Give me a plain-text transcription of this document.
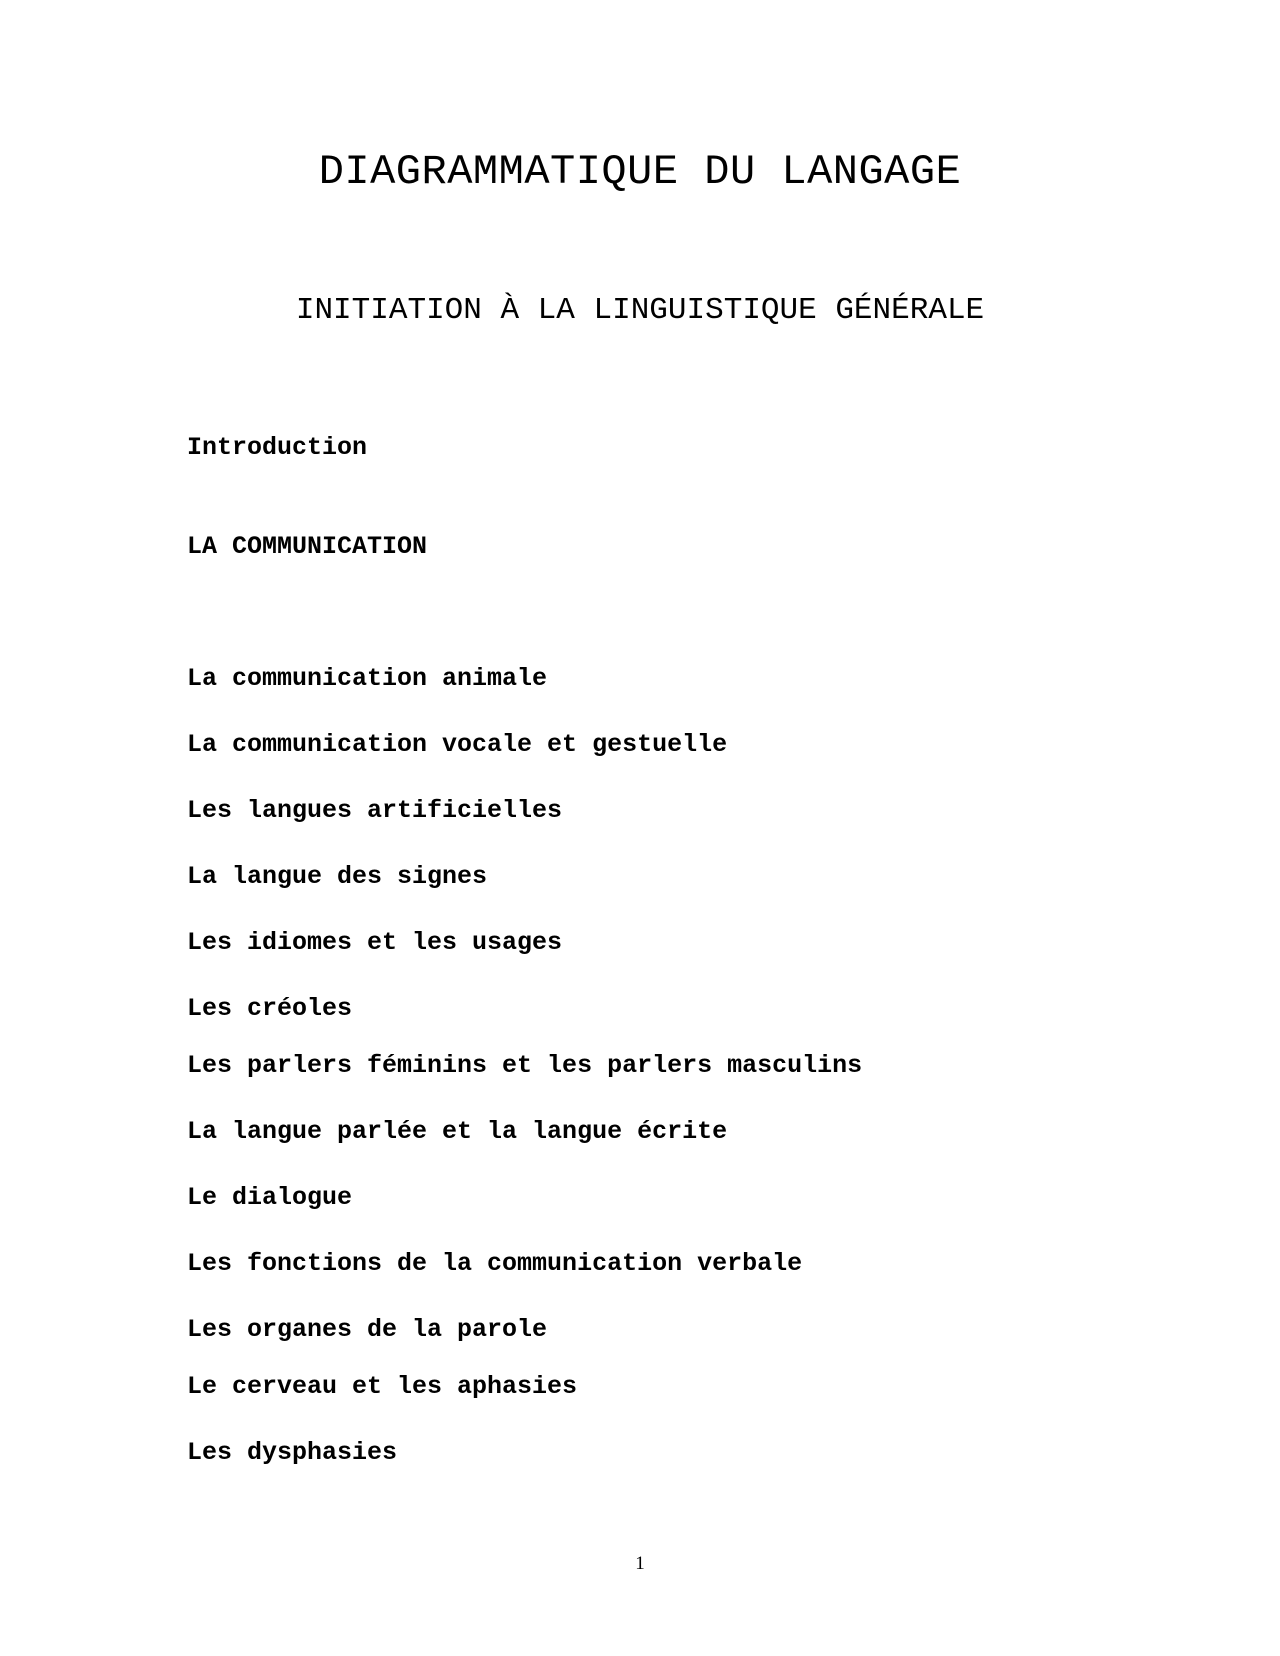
DIAGRAMMATIQUE DU LANGAGE
INITIATION À LA LINGUISTIQUE GÉNÉRALE
Introduction
LA COMMUNICATION
La communication animale
La communication vocale et gestuelle
Les langues artificielles
La langue des signes
Les idiomes et les usages
Les créoles
Les parlers féminins et les parlers masculins
La langue parlée et la langue écrite
Le dialogue
Les fonctions de la communication verbale
Les organes de la parole
Le cerveau et les aphasies
Les dysphasies
1
